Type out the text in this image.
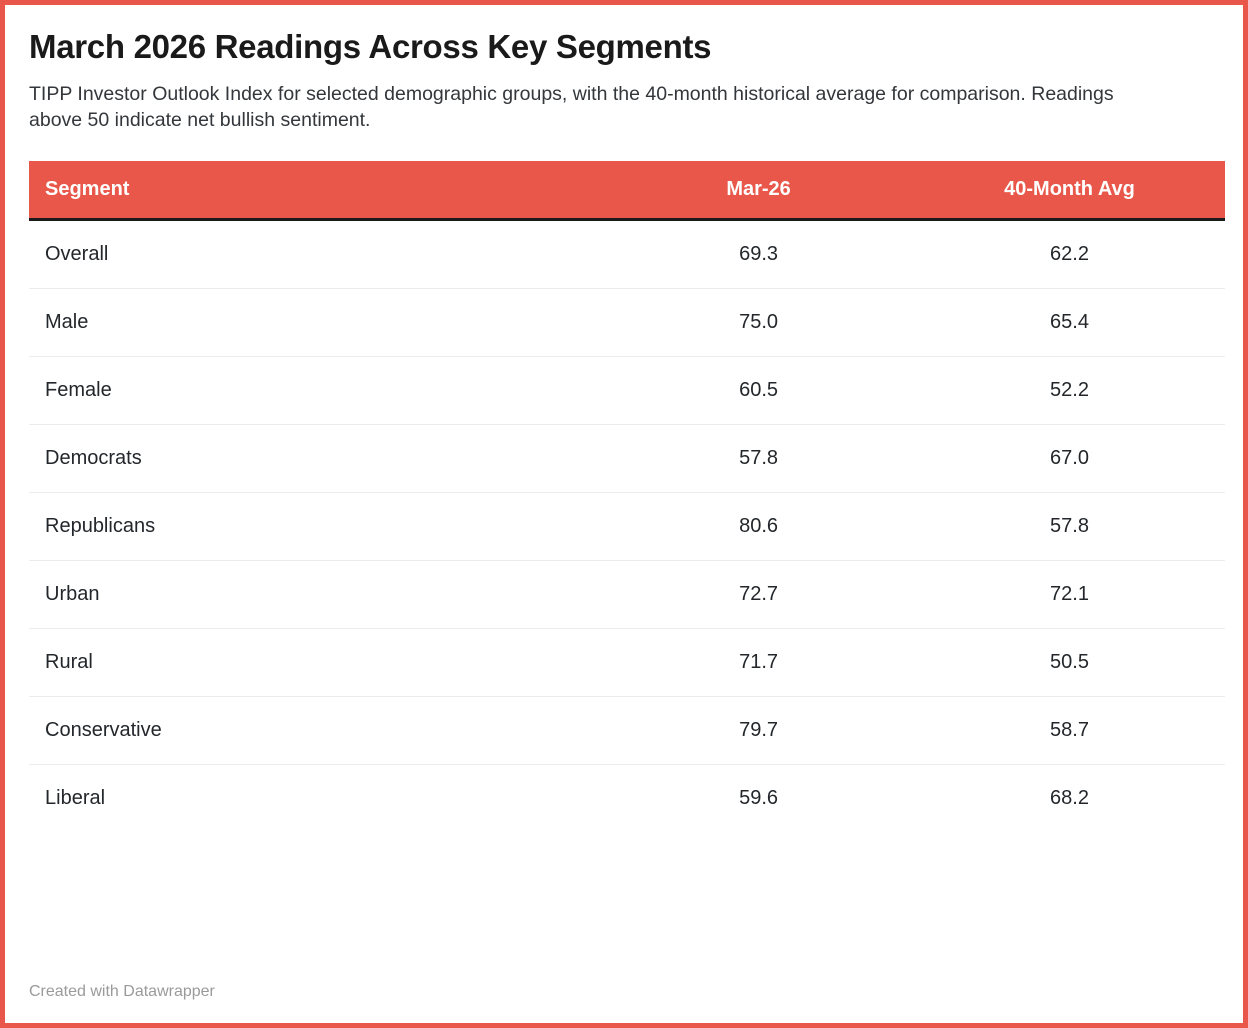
March 2026 Readings Across Key Segments

TIPP Investor Outlook Index for selected demographic groups, with the 40-month historical average for comparison. Readings above 50 indicate net bullish sentiment.

Segment	Mar-26	40-Month Avg
Overall	69.3	62.2
Male	75.0	65.4
Female	60.5	52.2
Democrats	57.8	67.0
Republicans	80.6	57.8
Urban	72.7	72.1
Rural	71.7	50.5
Conservative	79.7	58.7
Liberal	59.6	68.2
Created with Datawrapper
